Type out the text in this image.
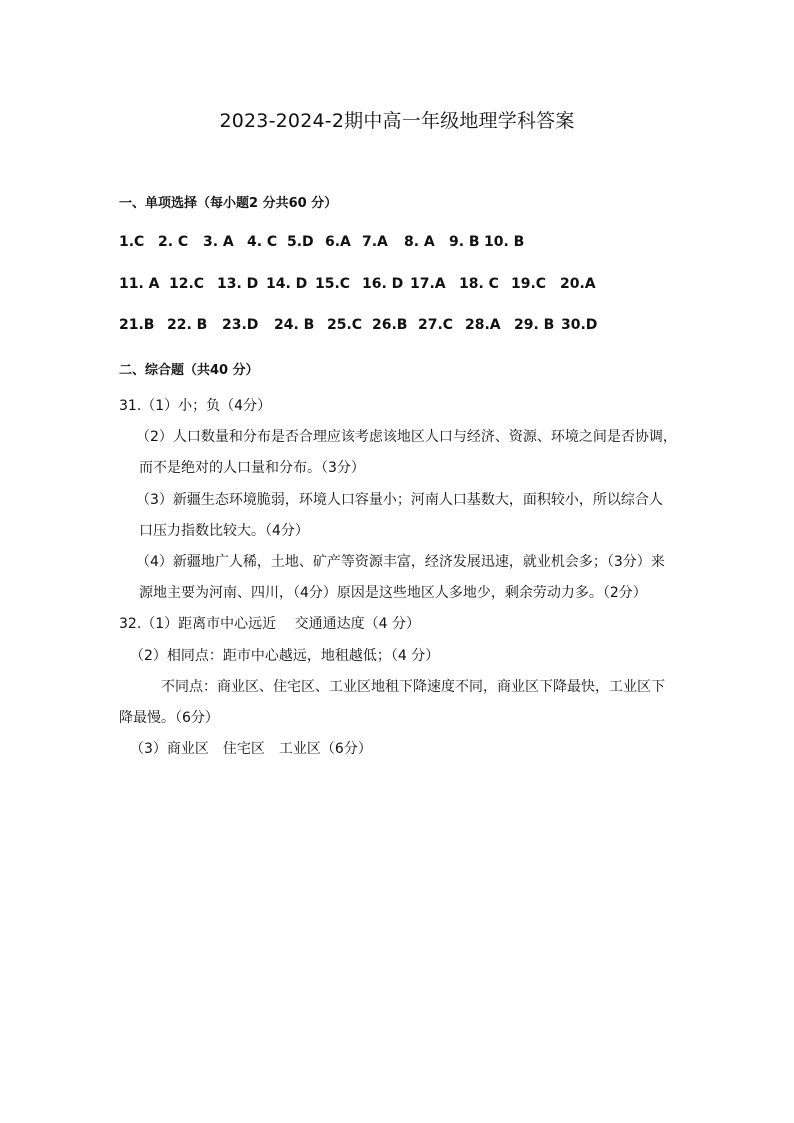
2023-2024-2期中高一年级地理学科答案
一、单项选择（每小题2 分共60 分）
1.C 2. C 3. A 4. C 5.D 6.A 7.A 8. A 9. B 10. B
11. A 12.C 13. D 14. D 15.C 16. D 17.A 18. C 19.C 20.A
21.B 22. B 23.D 24. B 25.C 26.B 27.C 28.A 29. B 30.D
二、综合题（共40 分）
31.（1）小；负（4分）
（2）人口数量和分布是否合理应该考虑该地区人口与经济、资源、环境之间是否协调，
而不是绝对的人口量和分布。（3分）
（3）新疆生态环境脆弱，环境人口容量小；河南人口基数大，面积较小，所以综合人
口压力指数比较大。（4分）
（4）新疆地广人稀，土地、矿产等资源丰富，经济发展迅速，就业机会多；（3分）来
源地主要为河南、四川，（4分）原因是这些地区人多地少，剩余劳动力多。（2分）
32.（1）距离市中心远近　 交通通达度（4 分）
（2）相同点：距市中心越远，地租越低；（4 分）
不同点：商业区、住宅区、工业区地租下降速度不同，商业区下降最快，工业区下
降最慢。（6分）
（3）商业区　住宅区　工业区（6分）
